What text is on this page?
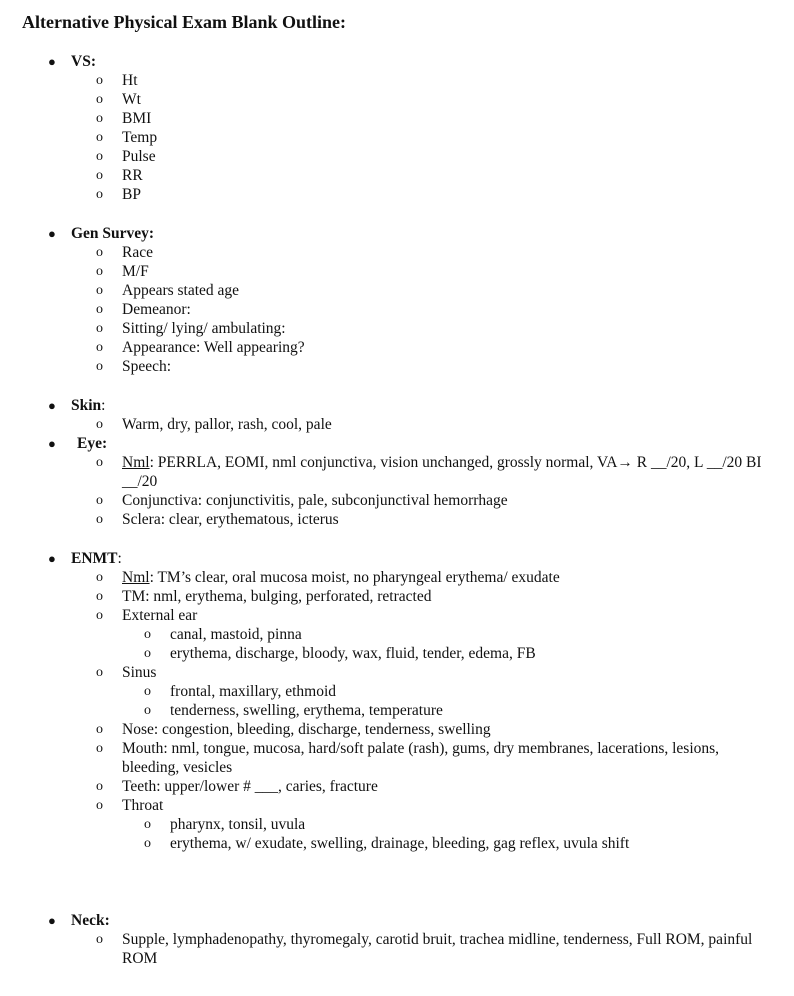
Alternative Physical Exam Blank Outline:
● VS:
o	Ht
o	Wt
o	BMI
o	Temp
o	Pulse
o	RR
o	BP
● Gen Survey:
o	Race
o	M/F
o	Appears stated age
o	Demeanor:
o	Sitting/ lying/ ambulating:
o	Appearance: Well appearing?
o	Speech:
● Skin :
o	Warm, dry, pallor, rash, cool, pale
●	Eye:
o	Nml: PERRLA, EOMI, nml conjunctiva, vision unchanged, grossly normal, VA→ R __/20, L __/20 BI __/20
o	Conjunctiva: conjunctivitis, pale, subconjunctival hemorrhage
o	Sclera: clear, erythematous, icterus
● ENMT :
o	Nml: TM’s clear, oral mucosa moist, no pharyngeal erythema/ exudate
o	TM: nml, erythema, bulging, perforated, retracted
o	External ear
o	canal, mastoid, pinna
o	erythema, discharge, bloody, wax, fluid, tender, edema, FB
o	Sinus
o	frontal, maxillary, ethmoid
o	tenderness, swelling, erythema, temperature
o	Nose: congestion, bleeding, discharge, tenderness, swelling
o	Mouth: nml, tongue, mucosa, hard/soft palate (rash), gums, dry membranes, lacerations, lesions, bleeding, vesicles
o	Teeth: upper/lower # ___, caries, fracture
o	Throat
o	pharynx, tonsil, uvula
o	erythema, w/ exudate, swelling, drainage, bleeding, gag reflex, uvula shift
● Neck:
o	Supple, lymphadenopathy, thyromegaly, carotid bruit, trachea midline, tenderness, Full ROM, painful ROM
